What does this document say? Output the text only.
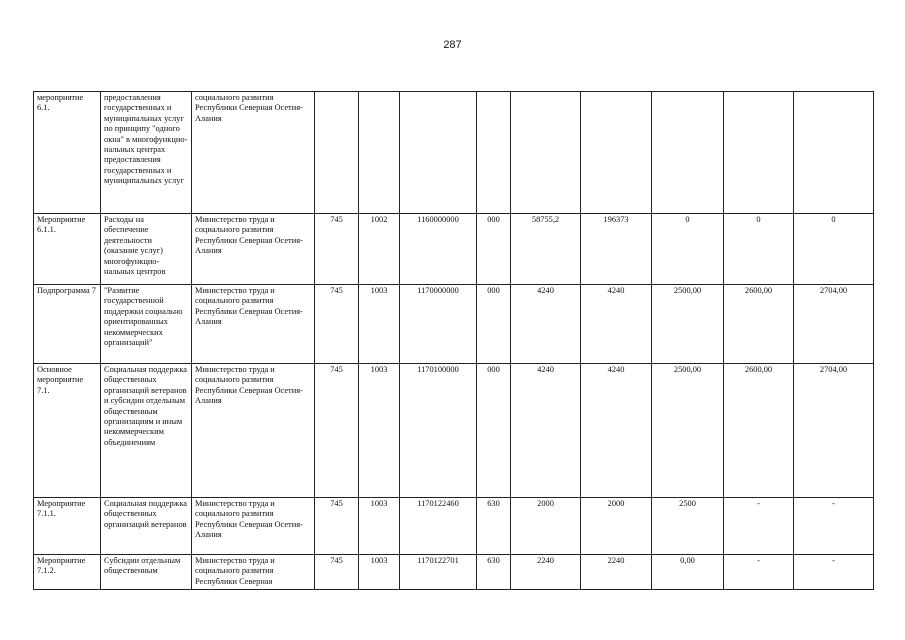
287
мероприятие 6.1.	предоставления государственных и муниципальных услуг по принципу "одного окна" в многофункцио-нальных центрах предоставления государственных и муниципальных услуг	социального развития Республики Северная Осетия-Алания									
Мероприятие 6.1.1.	Расходы на обеспечение деятельности (оказание услуг) многофункцио-нальных центров	Министерство труда и социального развития Республики Северная Осетия-Алания	745	1002	1160000000	000	58755,2	196373	0	0	0
Подпрограмма 7	"Развитие государственной поддержки социально ориентированных некоммерческих организаций"	Министерство труда и социального развития Республики Северная Осетия-Алания	745	1003	1170000000	000	4240	4240	2500,00	2600,00	2704,00
Основное мероприятие 7.1.	Социальная поддержка общественных организаций ветеранов и субсидии отдельным общественным организациям и иным некоммерческим объединениям	Министерство труда и социального развития Республики Северная Осетия-Алания	745	1003	1170100000	000	4240	4240	2500,00	2600,00	2704,00
Мероприятие 7.1.1.	Социальная поддержка общественных организаций ветеранов	Министерство труда и социального развития Республики Северная Осетия-Алания	745	1003	1170122460	630	2000	2000	2500	-	-
Мероприятие 7.1.2.	Субсидии отдельным общественным	Министерство труда и социального развития Республики Северная	745	1003	1170122701	630	2240	2240	0,00	-	-
